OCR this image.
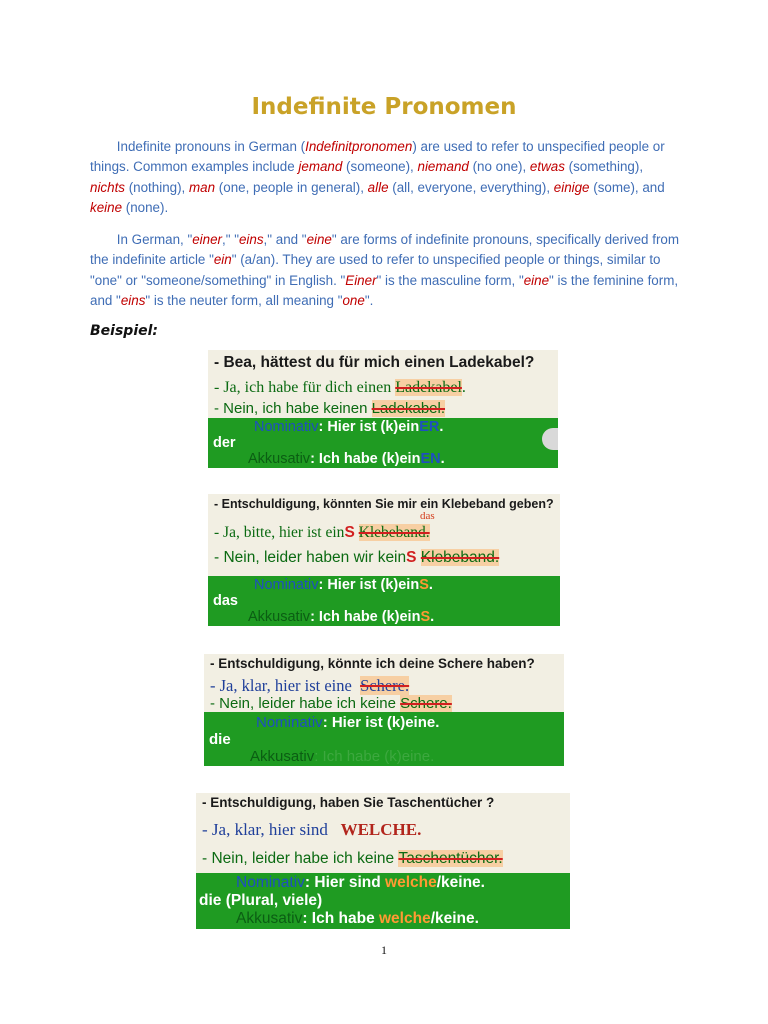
Indefinite Pronomen

  Indefinite pronouns in German (Indefinitpronomen) are used to refer to unspecified people or things. Common examples include jemand (someone), niemand (no one), etwas (something), nichts (nothing), man (one, people in general), alle (all, everyone, everything), einige (some), and keine (none).

  In German, "einer," "eins," and "eine" are forms of indefinite pronouns, specifically derived from the indefinite article "ein" (a/an). They are used to refer to unspecified people or things, similar to "one" or "someone/something" in English. "Einer" is the masculine form, "eine" is the feminine form, and "eins" is the neuter form, all meaning "one".

Beispiel:
- Bea, hättest du für mich einen Ladekabel?
- Ja, ich habe für dich einen Ladekabel.
- Nein, ich habe keinen Ladekabel.
Nominativ: Hier ist (k)einER.
der
Akkusativ: Ich habe (k)einEN.
- Entschuldigung, könnten Sie mir ein Klebeband geben?
das
- Ja, bitte, hier ist einS Klebeband.
- Nein, leider haben wir keinS Klebeband.
Nominativ: Hier ist (k)einS.
das
Akkusativ: Ich habe (k)einS.
- Entschuldigung, könnte ich deine Schere haben?
- Ja, klar, hier ist eine Schere.
- Nein, leider habe ich keine Schere.
Nominativ: Hier ist (k)eine.
die
Akkusativ: Ich habe (k)eine.
- Entschuldigung, haben Sie Taschentücher ?
- Ja, klar, hier sind WELCHE.
- Nein, leider habe ich keine Taschentücher.
Nominativ: Hier sind welche/keine.
die (Plural, viele)
Akkusativ: Ich habe welche/keine.
1
